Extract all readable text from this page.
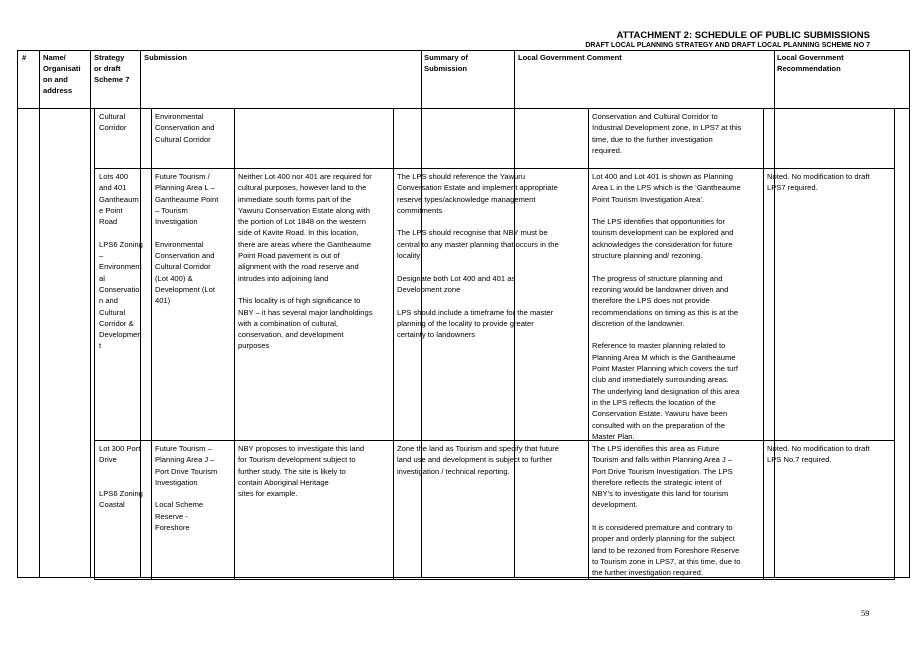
ATTACHMENT 2: SCHEDULE OF PUBLIC SUBMISSIONS
DRAFT LOCAL PLANNING STRATEGY AND DRAFT LOCAL PLANNING SCHEME NO 7
# Name/
Organisati
on and
address
Strategy
or draft
Scheme 7
Submission	Summary of
Submission
Local Government Comment	Local Government
Recommendation
Cultural
Corridor
Environmental
Conservation and
Cultural Corridor
Conservation and Cultural Corridor to
Industrial Development zone, in LPS7 at this
time, due to the further investigation
required.
Lots 400
and 401
Gantheaum
e Point
Road

LPS6 Zoning
–
Environment
al
Conservatio
n and
Cultural
Corridor &
Developmen
t
Future Tourism /
Planning Area L –
Gantheaume Point
– Tourism
Investigation

Environmental
Conservation and
Cultural Corridor
(Lot 400) &
Development (Lot
401)
Neither Lot 400 nor 401 are required for
cultural purposes, however land to the
immediate south forms part of the
Yawuru Conservation Estate along with
the portion of Lot 1848 on the western
side of Kavite Road. In this location,
there are areas where the Gantheaume
Point Road pavement is out of
alignment with the road reserve and
intrudes into adjoining land

This locality is of high significance to
NBY – it has several major landholdings
with a combination of cultural,
conservation, and development
purposes
The LPS should reference the Yawuru
Conversation Estate and implement appropriate
reserve types/acknowledge management
commitments

The LPS should recognise that NBY must be
central to any master planning that occurs in the
locality

Designate both Lot 400 and 401 as
Development zone

LPS should include a timeframe for the master
planning of the locality to provide greater
certainty to landowners
Lot 400 and Lot 401 is shown as Planning
Area L in the LPS which is the ‘Gantheaume
Point Tourism Investigation Area’.

The LPS identifies that opportunities for
tourism development can be explored and
acknowledges the consideration for future
structure planning and/ rezoning.

The progress of structure planning and
rezoning would be landowner driven and
therefore the LPS does not provide
recommendations on timing as this is at the
discretion of the landowner.

Reference to master planning related to
Planning Area M which is the Gantheaume
Point Master Planning which covers the turf
club and immediately surrounding areas.
The underlying land designation of this area
in the LPS reflects the location of the
Conservation Estate. Yawuru have been
consulted with on the preparation of the
Master Plan.
Noted. No modification to draft
LPS7 required.
Lot 300 Port
Drive

LPS6 Zoning
Coastal
Future Tourism –
Planning Area J –
Port Drive Tourism
Investigation

Local Scheme
Reserve -
Foreshore
NBY proposes to investigate this land
for Tourism development subject to
further study. The site is likely to
contain Aboriginal Heritage
sites for example.
Zone the land as Tourism and specify that future
land use and development is subject to further
investigation / technical reporting.
The LPS identifies this area as Future
Tourism and falls within Planning Area J –
Port Drive Tourism Investigation. The LPS
therefore reflects the strategic intent of
NBY’s to investigate this land for tourism
development.

It is considered premature and contrary to
proper and orderly planning for the subject
land to be rezoned from Foreshore Reserve
to Tourism zone in LPS7, at this time, due to
the further investigation required.
Noted. No modification to draft
LPS No.7 required.
59
